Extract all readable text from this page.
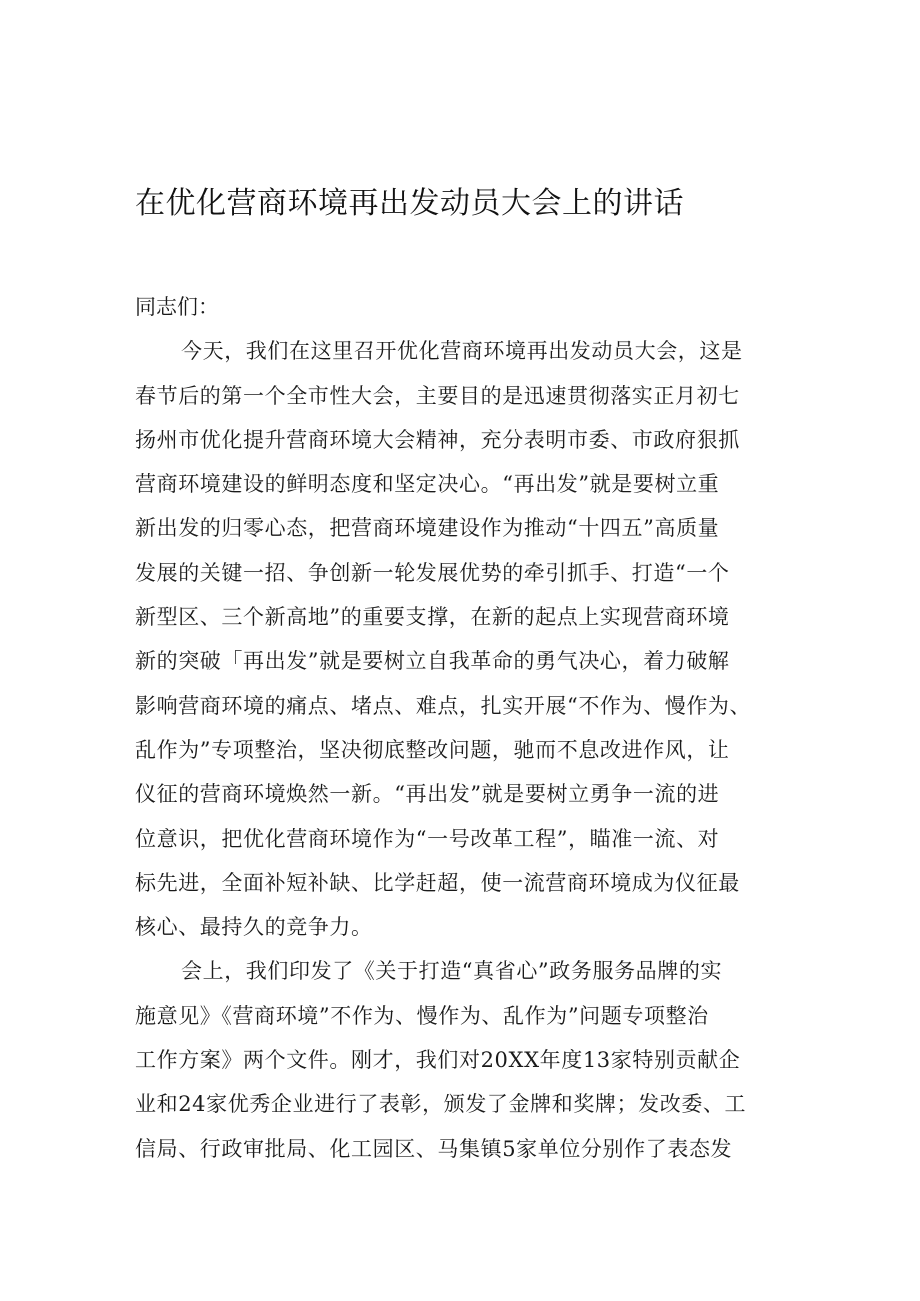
在优化营商环境再出发动员大会上的讲话
同志们：
今天，我们在这里召开优化营商环境再出发动员大会，这是
春节后的第一个全市性大会，主要目的是迅速贯彻落实正月初七
扬州市优化提升营商环境大会精神，充分表明市委、市政府狠抓
营商环境建设的鲜明态度和坚定决心。“再出发”就是要树立重
新出发的归零心态，把营商环境建设作为推动“十四五”高质量
发展的关键一招、争创新一轮发展优势的牵引抓手、打造“一个
新型区、三个新高地”的重要支撑，在新的起点上实现营商环境
新的突破「再出发”就是要树立自我革命的勇气决心，着力破解
影响营商环境的痛点、堵点、难点，扎实开展“不作为、慢作为、
乱作为”专项整治，坚决彻底整改问题，驰而不息改进作风，让
仪征的营商环境焕然一新。“再出发”就是要树立勇争一流的进
位意识，把优化营商环境作为“一号改革工程”，瞄准一流、对
标先进，全面补短补缺、比学赶超，使一流营商环境成为仪征最
核心、最持久的竞争力。
会上，我们印发了《关于打造“真省心”政务服务品牌的实
施意见》《营商环境”不作为、慢作为、乱作为”问题专项整治
工作方案》两个文件。刚才，我们对20XX年度13家特别贡献企
业和24家优秀企业进行了表彰，颁发了金牌和奖牌；发改委、工
信局、行政审批局、化工园区、马集镇5家单位分别作了表态发
